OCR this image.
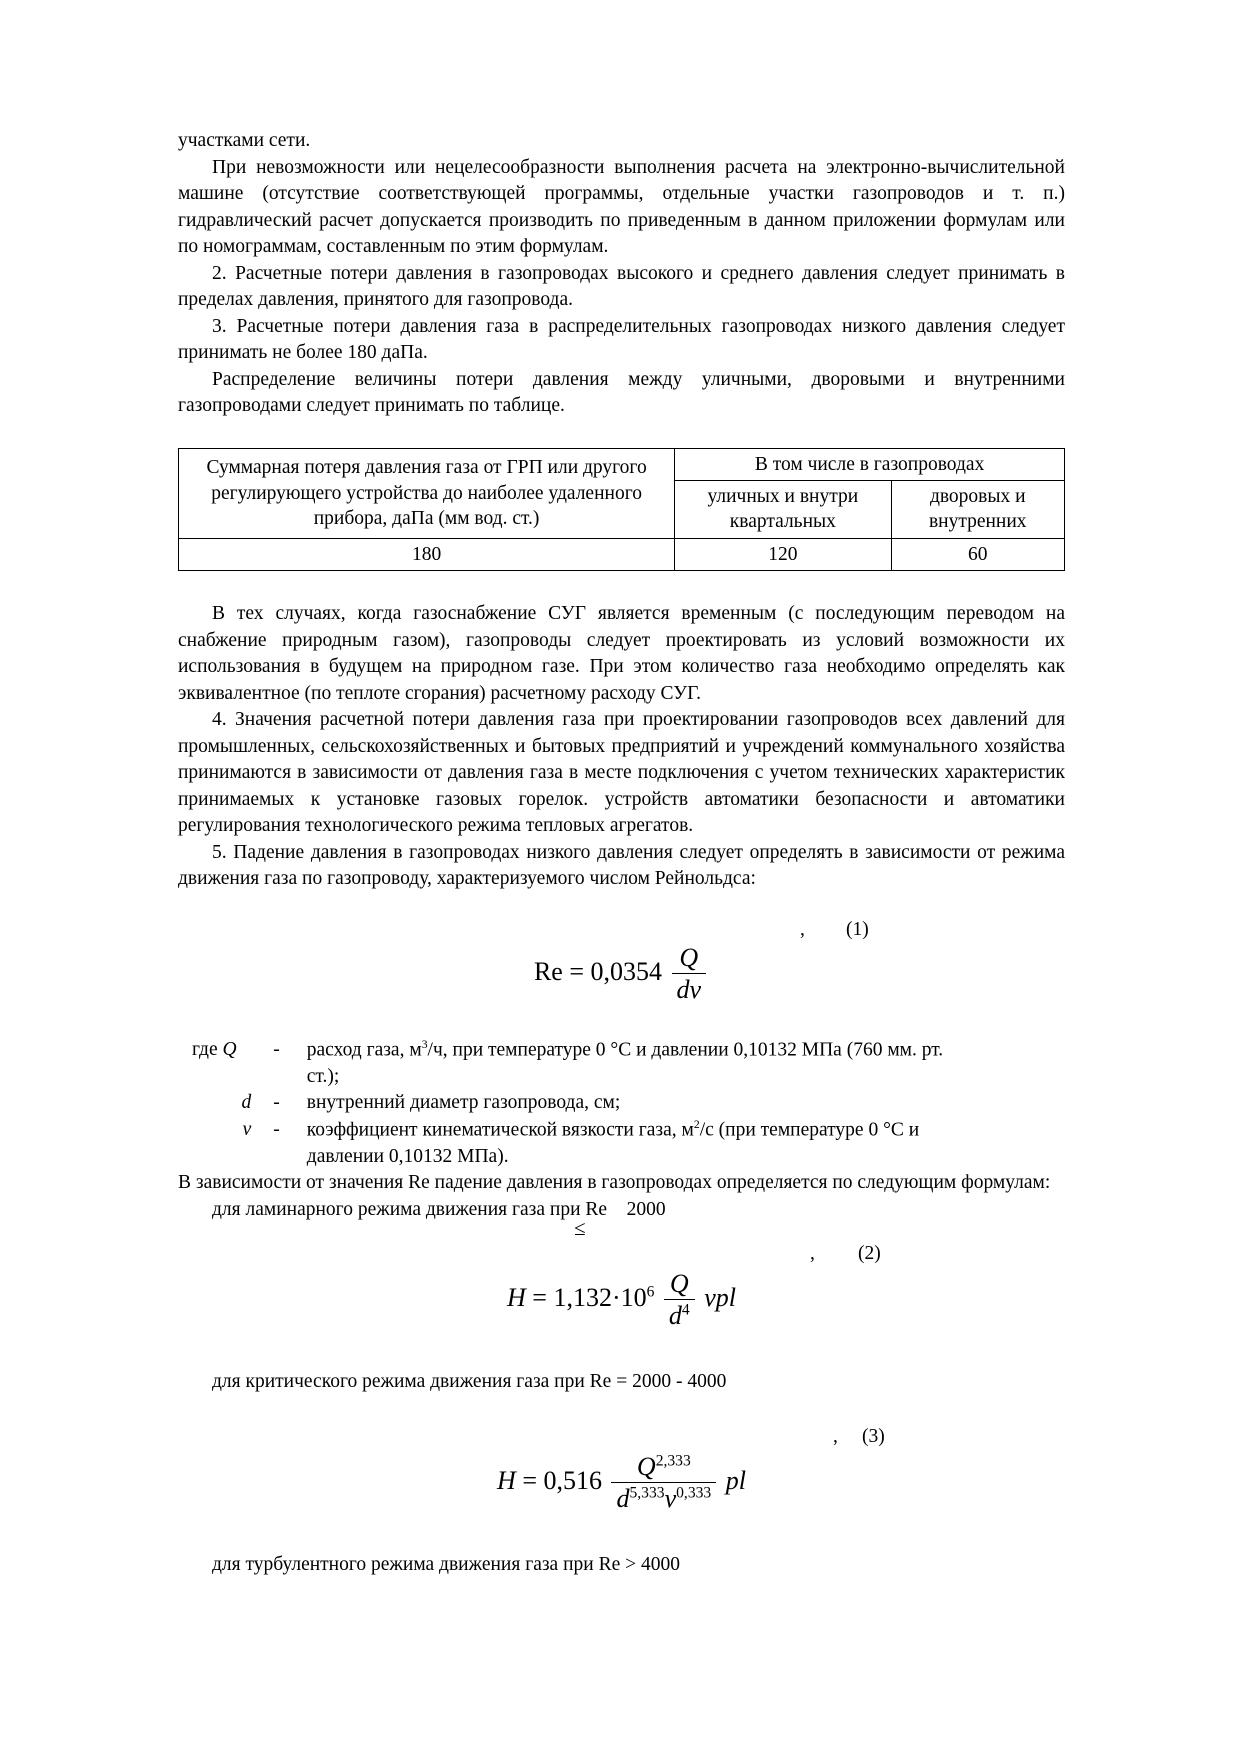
участками сети.

При невозможности или нецелесообразности выполнения расчета на электронно-вычислительной машине (отсутствие соответствующей программы, отдельные участки газопроводов и т. п.) гидравлический расчет допускается производить по приведенным в данном приложении формулам или по номограммам, составленным по этим формулам.

2. Расчетные потери давления в газопроводах высокого и среднего давления следует принимать в пределах давления, принятого для газопровода.

3. Расчетные потери давления газа в распределительных газопроводах низкого давления следует принимать не более 180 даПа.

Распределение величины потери давления между уличными, дворовыми и внутренними газопроводами следует принимать по таблице.

Суммарная потеря давления газа от ГРП или другого регулирующего устройства до наиболее удаленного прибора, даПа (мм вод. ст.)	В том числе в газопроводах	
	уличных и внутри квартальных	дворовых и внутренних
180	120	60

В тех случаях, когда газоснабжение СУГ является временным (с последующим переводом на снабжение природным газом), газопроводы следует проектировать из условий возможности их использования в будущем на природном газе. При этом количество газа необходимо определять как эквивалентное (по теплоте сгорания) расчетному расходу СУГ.

4. Значения расчетной потери давления газа при проектировании газопроводов всех давлений для промышленных, сельскохозяйственных и бытовых предприятий и учреждений коммунального хозяйства принимаются в зависимости от давления газа в месте подключения с учетом технических характеристик принимаемых к установке газовых горелок. устройств автоматики безопасности и автоматики регулирования технологического режима тепловых агрегатов.

5. Падение давления в газопроводах низкого давления следует определять в зависимости от режима движения газа по газопроводу, характеризуемого числом Рейнольдса:

, (1)
$Re = 0,0354 \frac{Q}{dv}$
где Q	-	расход газа, $м^3/ч$, при температуре 0 °С и давлении 0,10132 МПа (760 мм. рт.
ст.);
d	-	внутренний диаметр газопровода, см;
v	-	коэффициент кинематической вязкости газа, $м^2/с$ (при температуре 0 °С и
давлении 0,10132 МПа).

В зависимости от значения Re падение давления в газопроводах определяется по следующим формулам:

для ламинарного режима движения газа при Re 2000

≤
, (2)
$H = 1,132\cdot 10^6 \frac{Q}{d^4}$ vpl

для критического режима движения газа при Re = 2000 - 4000

, (3)
$H = 0,516 \frac{Q^{2,333}}{d^{5,333}v^{0,333}}$ pl

для турбулентного режима движения газа при Re > 4000
